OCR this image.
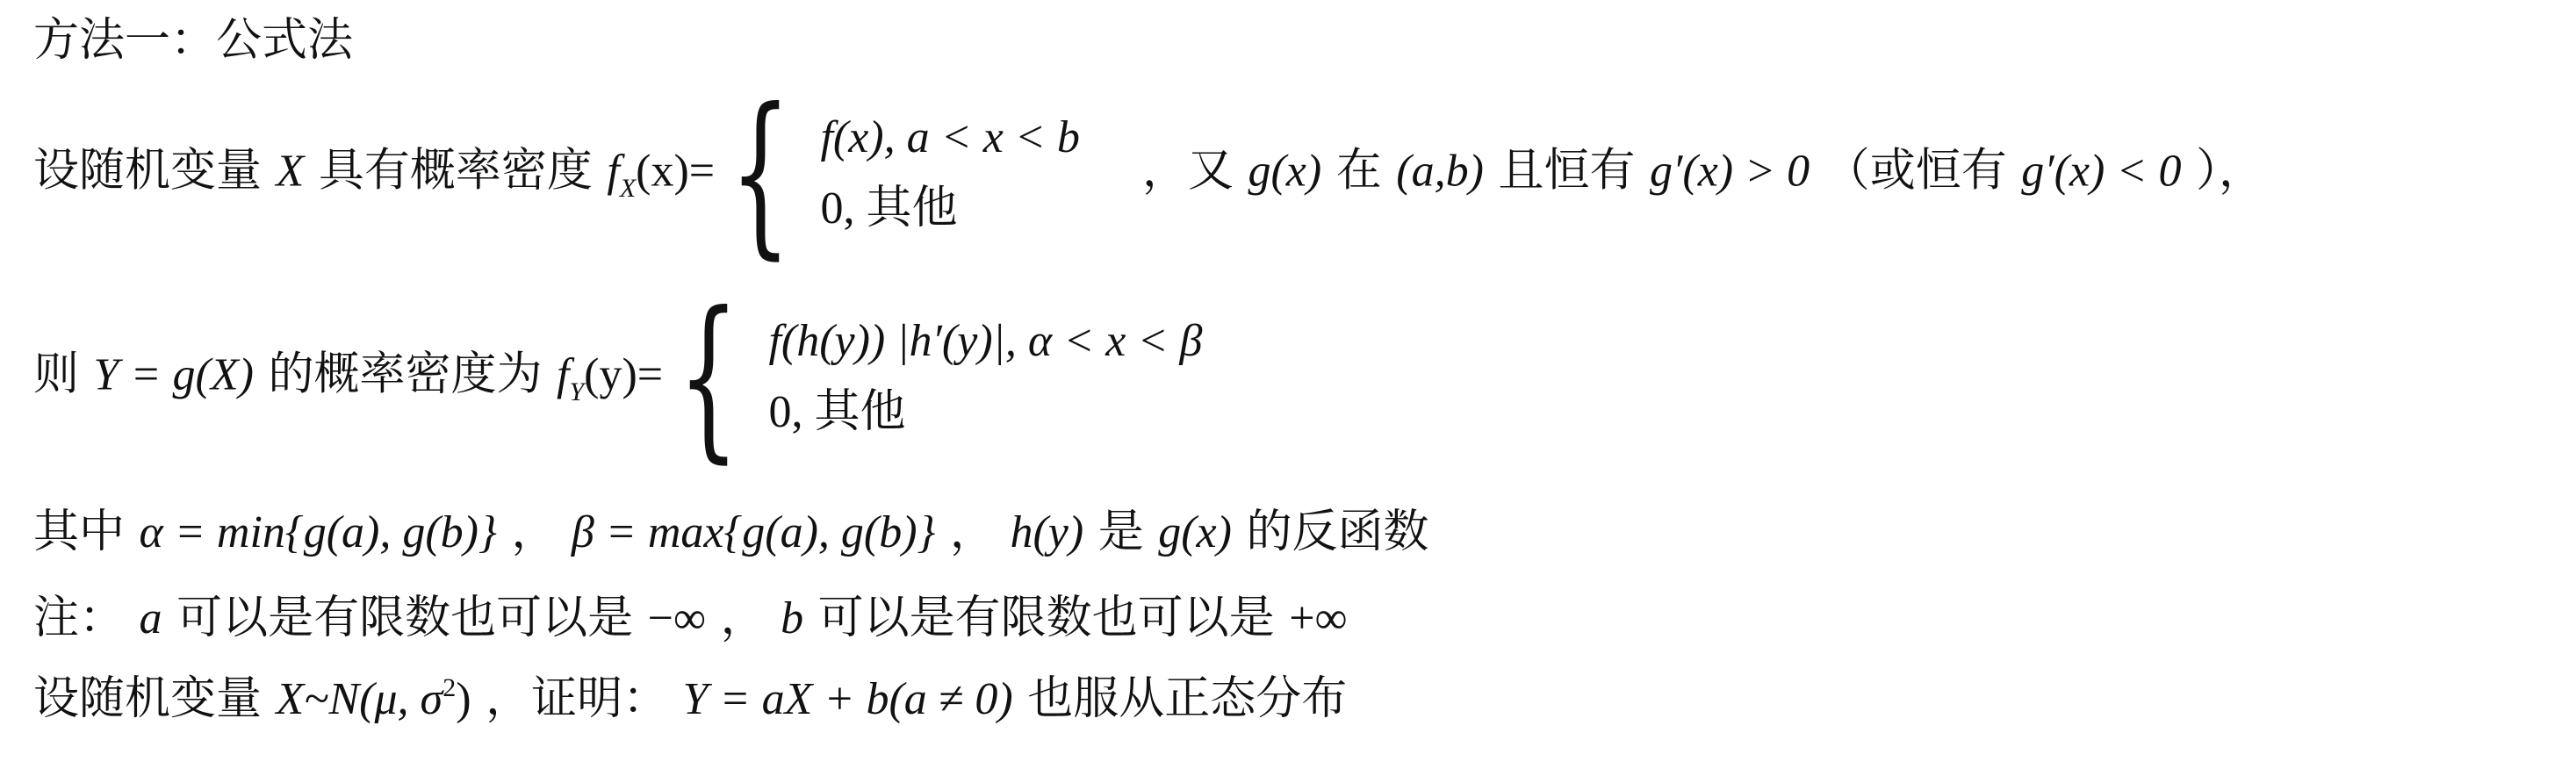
方法一：公式法
设随机变量 X 具有概率密度 $f_X(x)=$ { f(x), a < x < b
0, 其他
，又 g(x) 在 (a,b) 且恒有 g′(x) > 0 （或恒有 g′(x) < 0 ），
则 Y = g(X) 的概率密度为 $f_Y(y)=$ { f(h(y)) |h′(y)|, α < x < β
0, 其他
其中 α = min{g(a), g(b)} ， β = max{g(a), g(b)} ， h(y) 是 g(x) 的反函数
注： a 可以是有限数也可以是 −∞ ， b 可以是有限数也可以是 +∞
设随机变量 X~N(μ, $\sigma^2$) ，证明： Y = aX + b(a ≠ 0) 也服从正态分布
